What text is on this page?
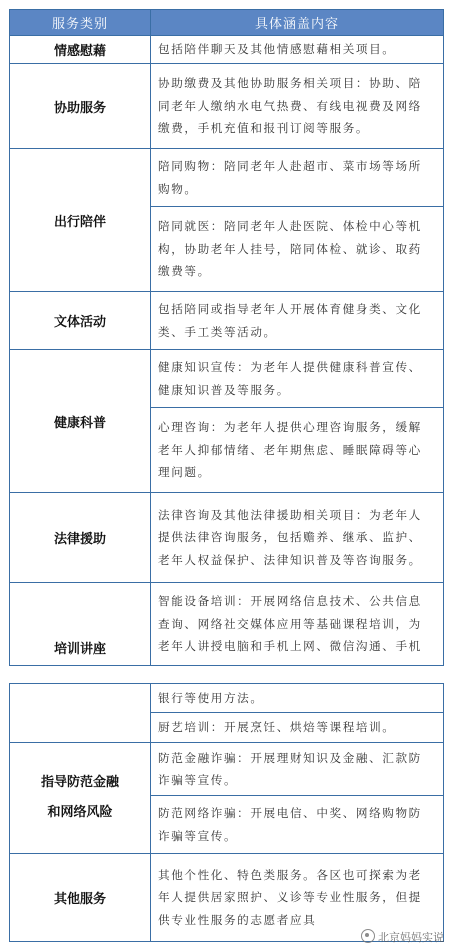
服务类别	具体涵盖内容
情感慰藉	包括陪伴聊天及其他情感慰藉相关项目。

协助服务	协助缴费及其他协助服务相关项目：协助、陪
同老年人缴纳水电气热费、有线电视费及网络
缴费，手机充值和报刊订阅等服务。

出行陪伴	陪同购物：陪同老年人赴超市、菜市场等场所
购物。

	陪同就医：陪同老年人赴医院、体检中心等机
构，协助老年人挂号，陪同体检、就诊、取药
缴费等。

文体活动	包括陪同或指导老年人开展体育健身类、文化
类、手工类等活动。

健康科普	健康知识宣传：为老年人提供健康科普宣传、
健康知识普及等服务。

	心理咨询：为老年人提供心理咨询服务，缓解
老年人抑郁情绪、老年期焦虑、睡眠障碍等心
理问题。

法律援助	法律咨询及其他法律援助相关项目：为老年人
提供法律咨询服务，包括赡养、继承、监护、
老年人权益保护、法律知识普及等咨询服务。

培训讲座	智能设备培训：开展网络信息技术、公共信息
查询、网络社交媒体应用等基础课程培训，为
老年人讲授电脑和手机上网、微信沟通、手机

	银行等使用方法。

	厨艺培训：开展烹饪、烘焙等课程培训。

指导防范金融
和网络风险	防范金融诈骗：开展理财知识及金融、汇款防
诈骗等宣传。

	防范网络诈骗：开展电信、中奖、网络购物防
诈骗等宣传。

其他服务	其他个性化、特色类服务。各区也可探索为老
年人提供居家照护、义诊等专业性服务，但提
供专业性服务的志愿者应具
北京妈妈实说
